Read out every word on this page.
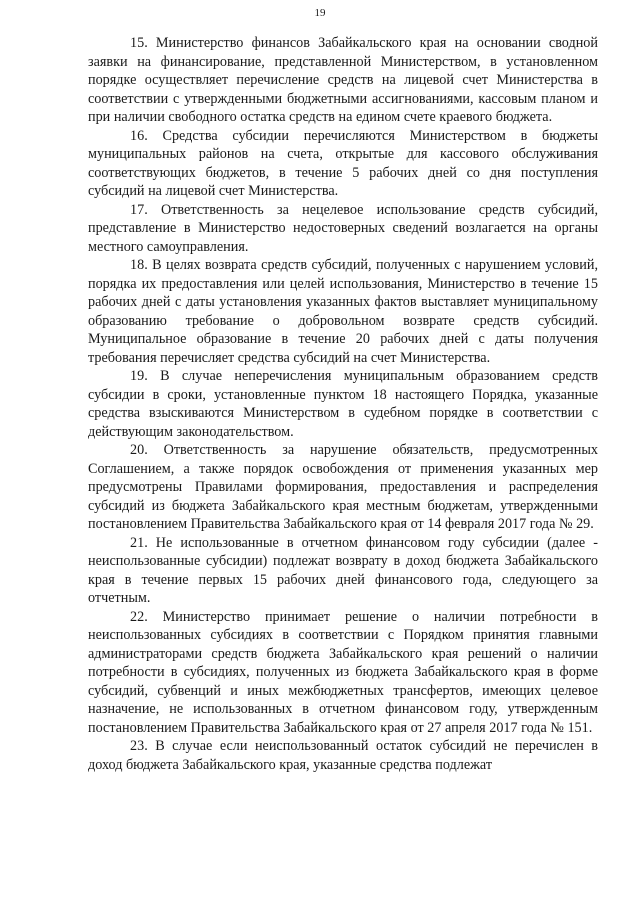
19

15. Министерство финансов Забайкальского края на основании сводной заявки на финансирование, представленной Министерством, в установленном порядке осуществляет перечисление средств на лицевой счет Министерства в соответствии с утвержденными бюджетными ассигнованиями, кассовым планом и при наличии свободного остатка средств на едином счете краевого бюджета.

16. Средства субсидии перечисляются Министерством в бюджеты муниципальных районов на счета, открытые для кассового обслуживания соответствующих бюджетов, в течение 5 рабочих дней со дня поступления субсидий на лицевой счет Министерства.

17. Ответственность за нецелевое использование средств субсидий, представление в Министерство недостоверных сведений возлагается на органы местного самоуправления.

18. В целях возврата средств субсидий, полученных с нарушением условий, порядка их предоставления или целей использования, Министерство в течение 15 рабочих дней с даты установления указанных фактов выставляет муниципальному образованию требование о добровольном возврате средств субсидий. Муниципальное образование в течение 20 рабочих дней с даты получения требования перечисляет средства субсидий на счет Министерства.

19. В случае неперечисления муниципальным образованием средств субсидии в сроки, установленные пунктом 18 настоящего Порядка, указанные средства взыскиваются Министерством в судебном порядке в соответствии с действующим законодательством.

20. Ответственность за нарушение обязательств, предусмотренных Соглашением, а также порядок освобождения от применения указанных мер предусмотрены Правилами формирования, предоставления и распределения субсидий из бюджета Забайкальского края местным бюджетам, утвержденными постановлением Правительства Забайкальского края от 14 февраля 2017 года № 29.

21. Не использованные в отчетном финансовом году субсидии (далее - неиспользованные субсидии) подлежат возврату в доход бюджета Забайкальского края в течение первых 15 рабочих дней финансового года, следующего за отчетным.

22. Министерство принимает решение о наличии потребности в неиспользованных субсидиях в соответствии с Порядком принятия главными администраторами средств бюджета Забайкальского края решений о наличии потребности в субсидиях, полученных из бюджета Забайкальского края в форме субсидий, субвенций и иных межбюджетных трансфертов, имеющих целевое назначение, не использованных в отчетном финансовом году, утвержденным постановлением Правительства Забайкальского края от 27 апреля 2017 года № 151.

23. В случае если неиспользованный остаток субсидий не перечислен в доход бюджета Забайкальского края, указанные средства подлежат
